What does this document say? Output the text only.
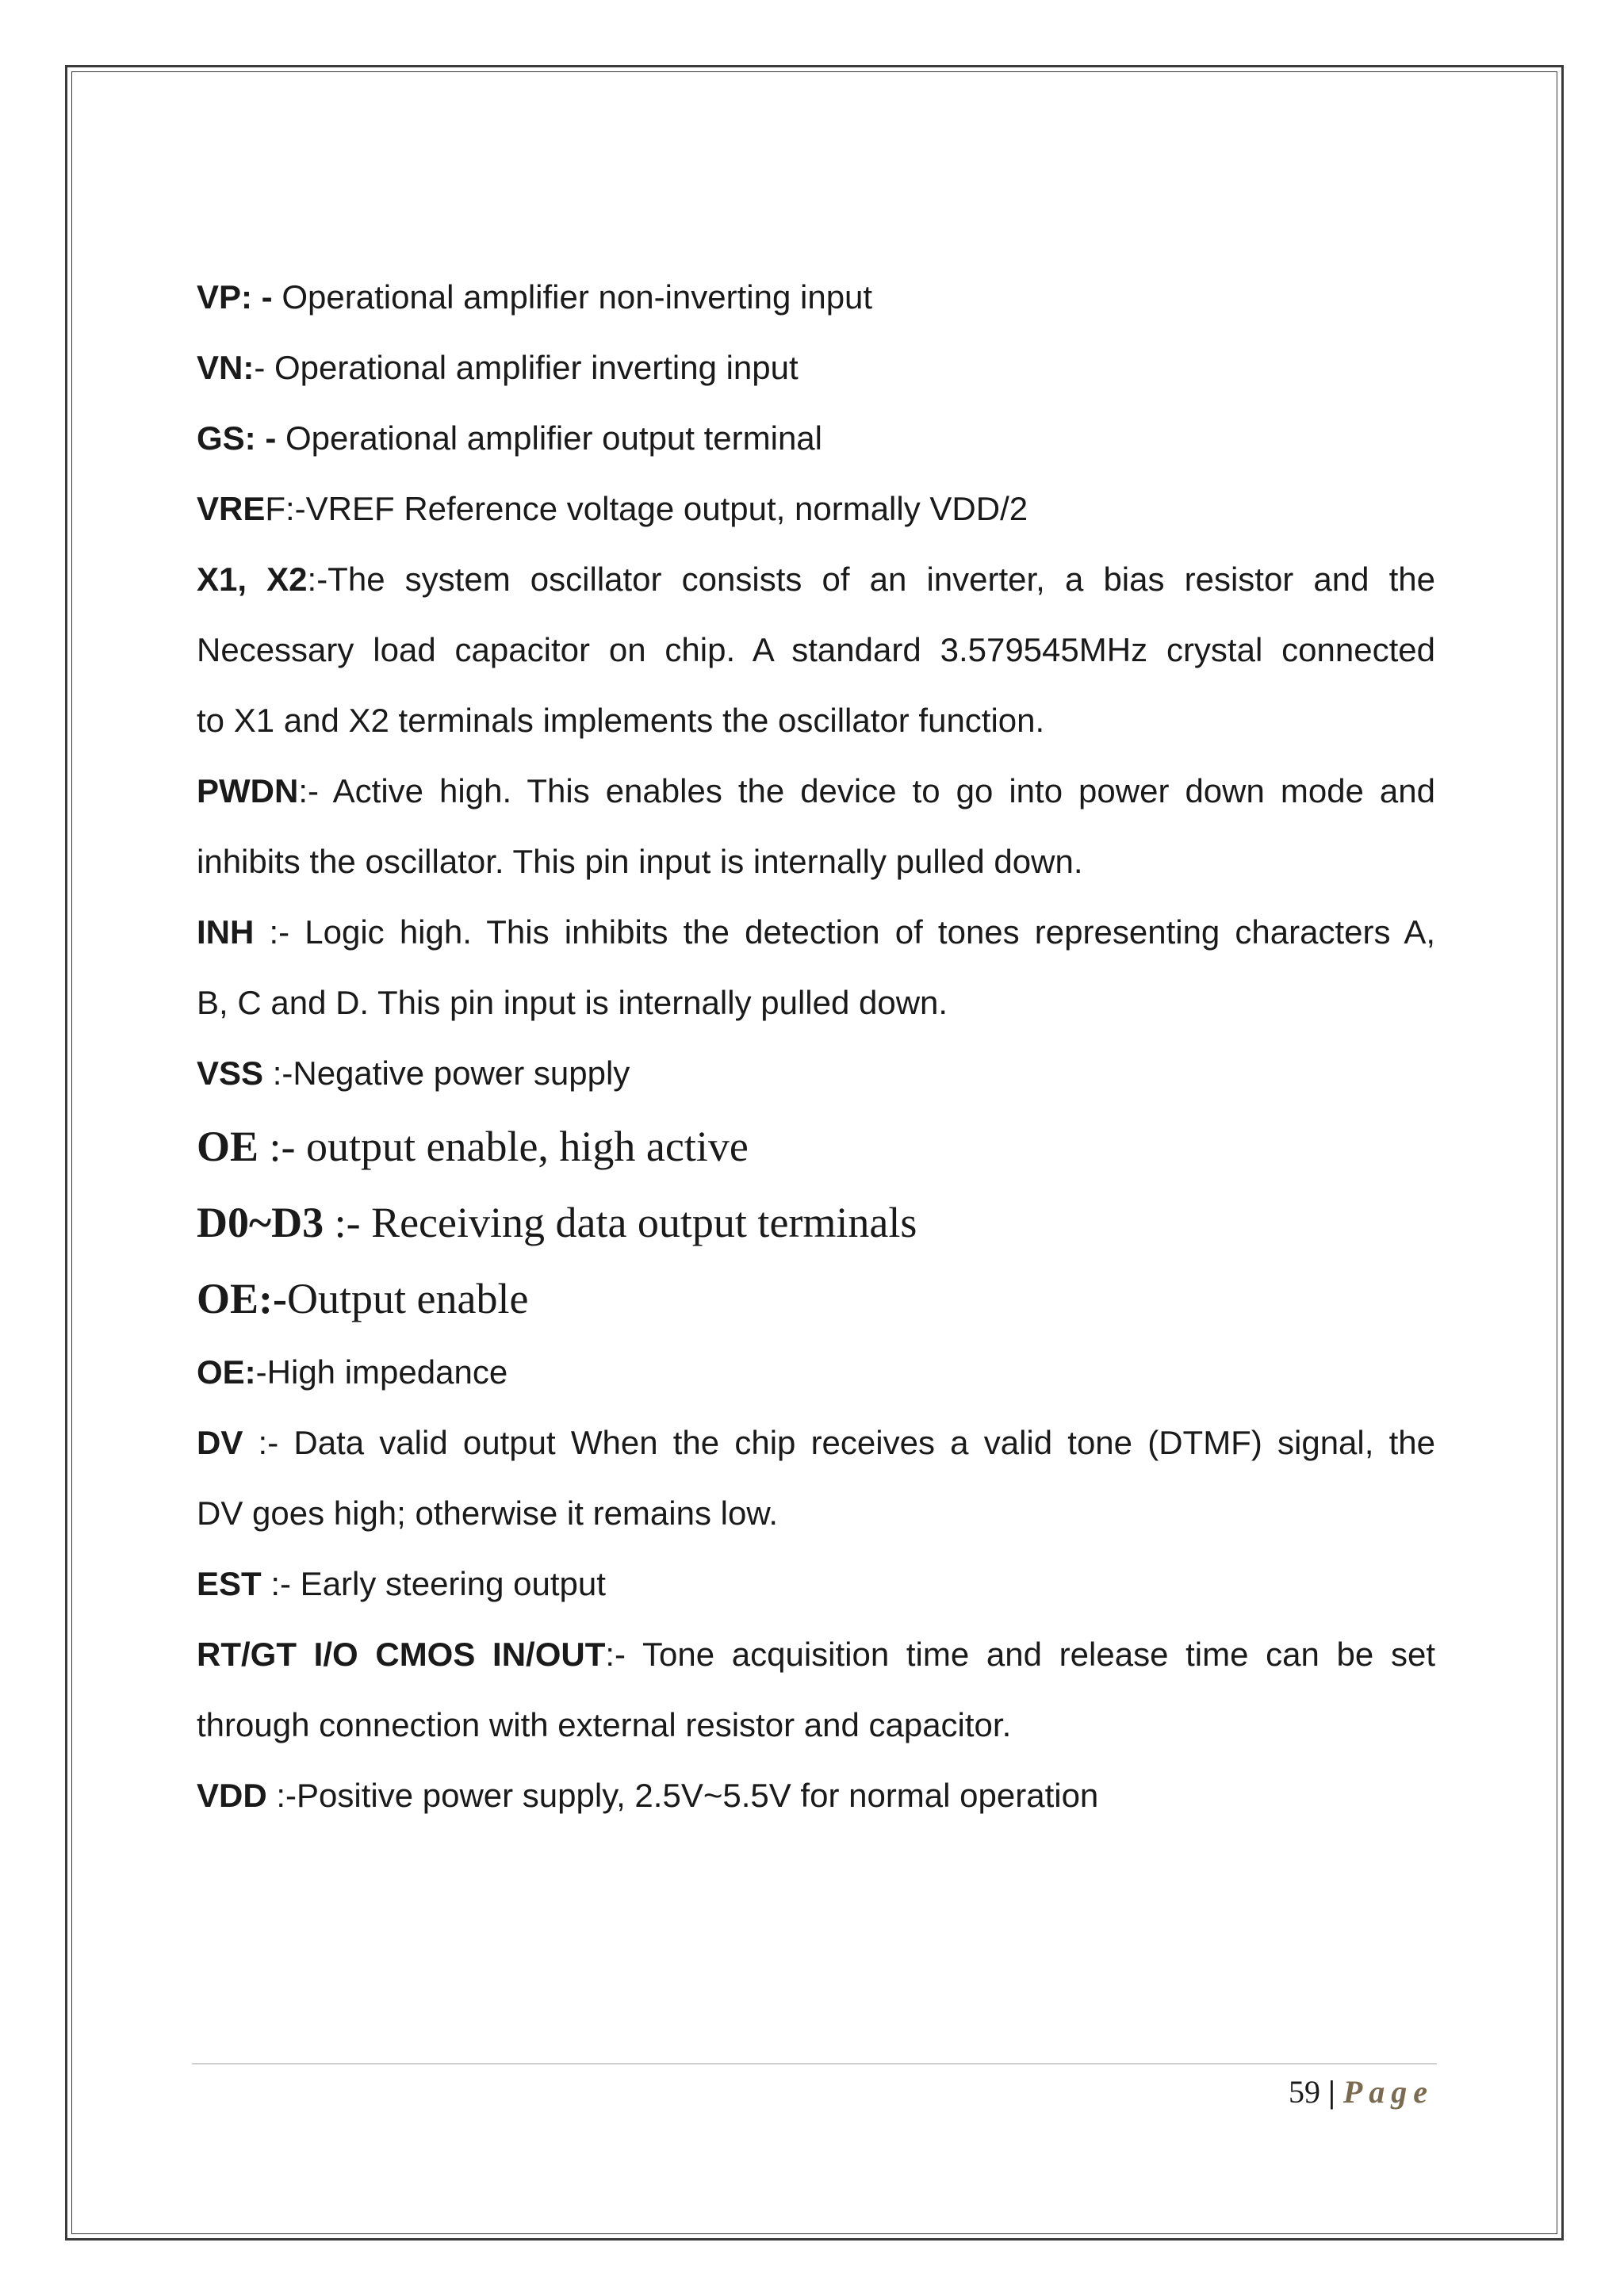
VP: - Operational amplifier non-inverting input

VN:- Operational amplifier inverting input

GS: - Operational amplifier output terminal

VREF:-VREF Reference voltage output, normally VDD/2

X1, X2:-The system oscillator consists of an inverter, a bias resistor and the

Necessary load capacitor on chip. A standard 3.579545MHz crystal connected

to X1 and X2 terminals implements the oscillator function.

PWDN:- Active high. This enables the device to go into power down mode and

inhibits the oscillator. This pin input is internally pulled down.

INH :- Logic high. This inhibits the detection of tones representing characters A,

B, C and D. This pin input is internally pulled down.

VSS :-Negative power supply

OE :- output enable, high active

D0~D3 :- Receiving data output terminals

OE:-Output enable

OE:-High impedance

DV :- Data valid output When the chip receives a valid tone (DTMF) signal, the

DV goes high; otherwise it remains low.

EST :- Early steering output

RT/GT I/O CMOS IN/OUT:- Tone acquisition time and release time can be set

through connection with external resistor and capacitor.

VDD :-Positive power supply, 2.5V~5.5V for normal operation

59 | Page
